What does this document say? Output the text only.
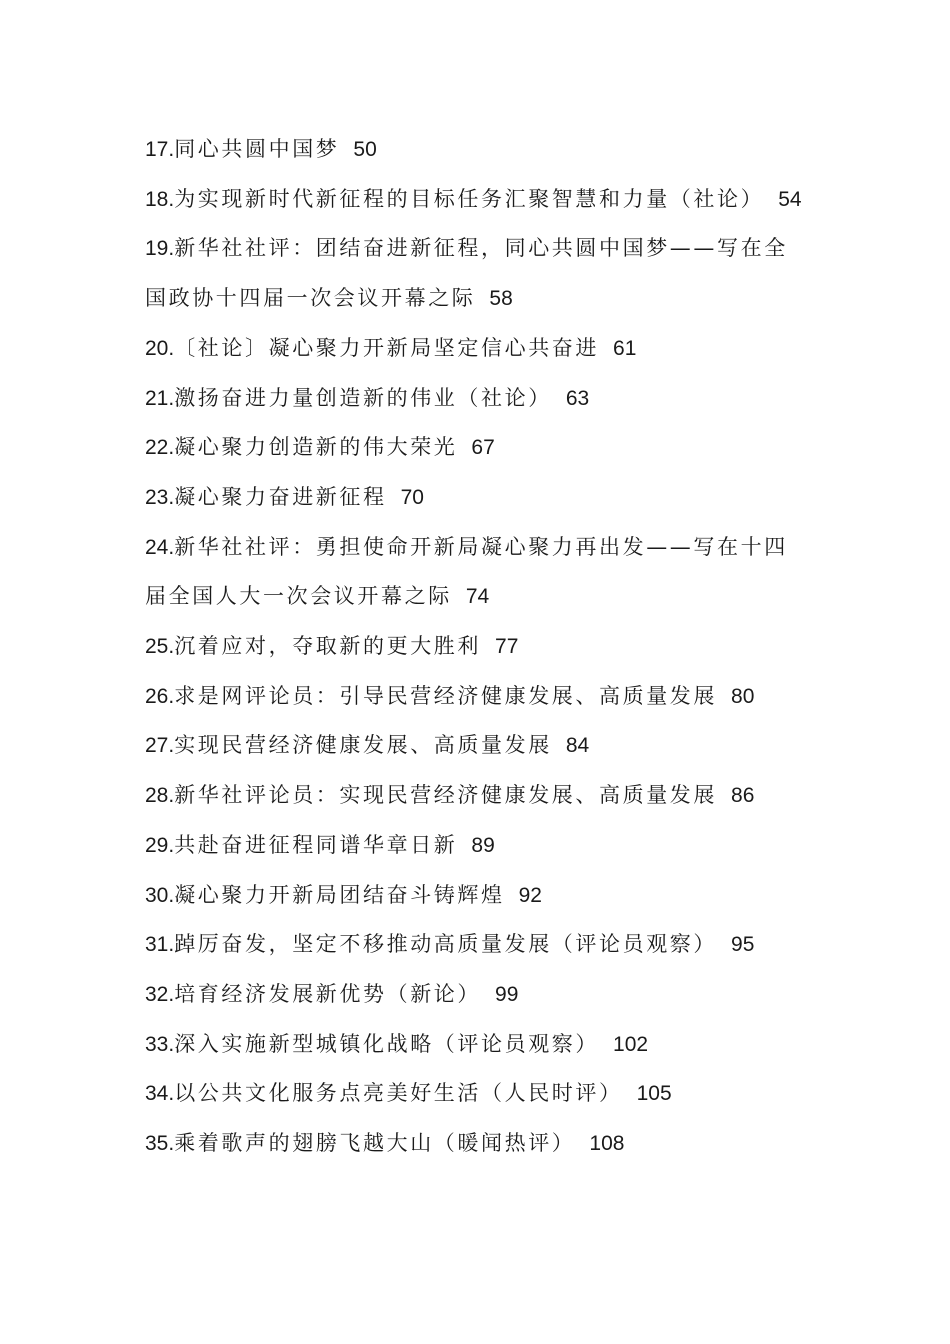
17.同心共圆中国梦 50

18.为实现新时代新征程的目标任务汇聚智慧和力量（社论） 54

19.新华社社评：团结奋进新征程，同心共圆中国梦——写在全国政协十四届一次会议开幕之际 58

20.〔社论〕凝心聚力开新局坚定信心共奋进 61

21.激扬奋进力量创造新的伟业（社论） 63

22.凝心聚力创造新的伟大荣光 67

23.凝心聚力奋进新征程 70

24.新华社社评：勇担使命开新局凝心聚力再出发——写在十四届全国人大一次会议开幕之际 74

25.沉着应对，夺取新的更大胜利 77

26.求是网评论员：引导民营经济健康发展、高质量发展 80

27.实现民营经济健康发展、高质量发展 84

28.新华社评论员：实现民营经济健康发展、高质量发展 86

29.共赴奋进征程同谱华章日新 89

30.凝心聚力开新局团结奋斗铸辉煌 92

31.踔厉奋发，坚定不移推动高质量发展（评论员观察） 95

32.培育经济发展新优势（新论） 99

33.深入实施新型城镇化战略（评论员观察） 102

34.以公共文化服务点亮美好生活（人民时评） 105

35.乘着歌声的翅膀飞越大山（暖闻热评） 108
